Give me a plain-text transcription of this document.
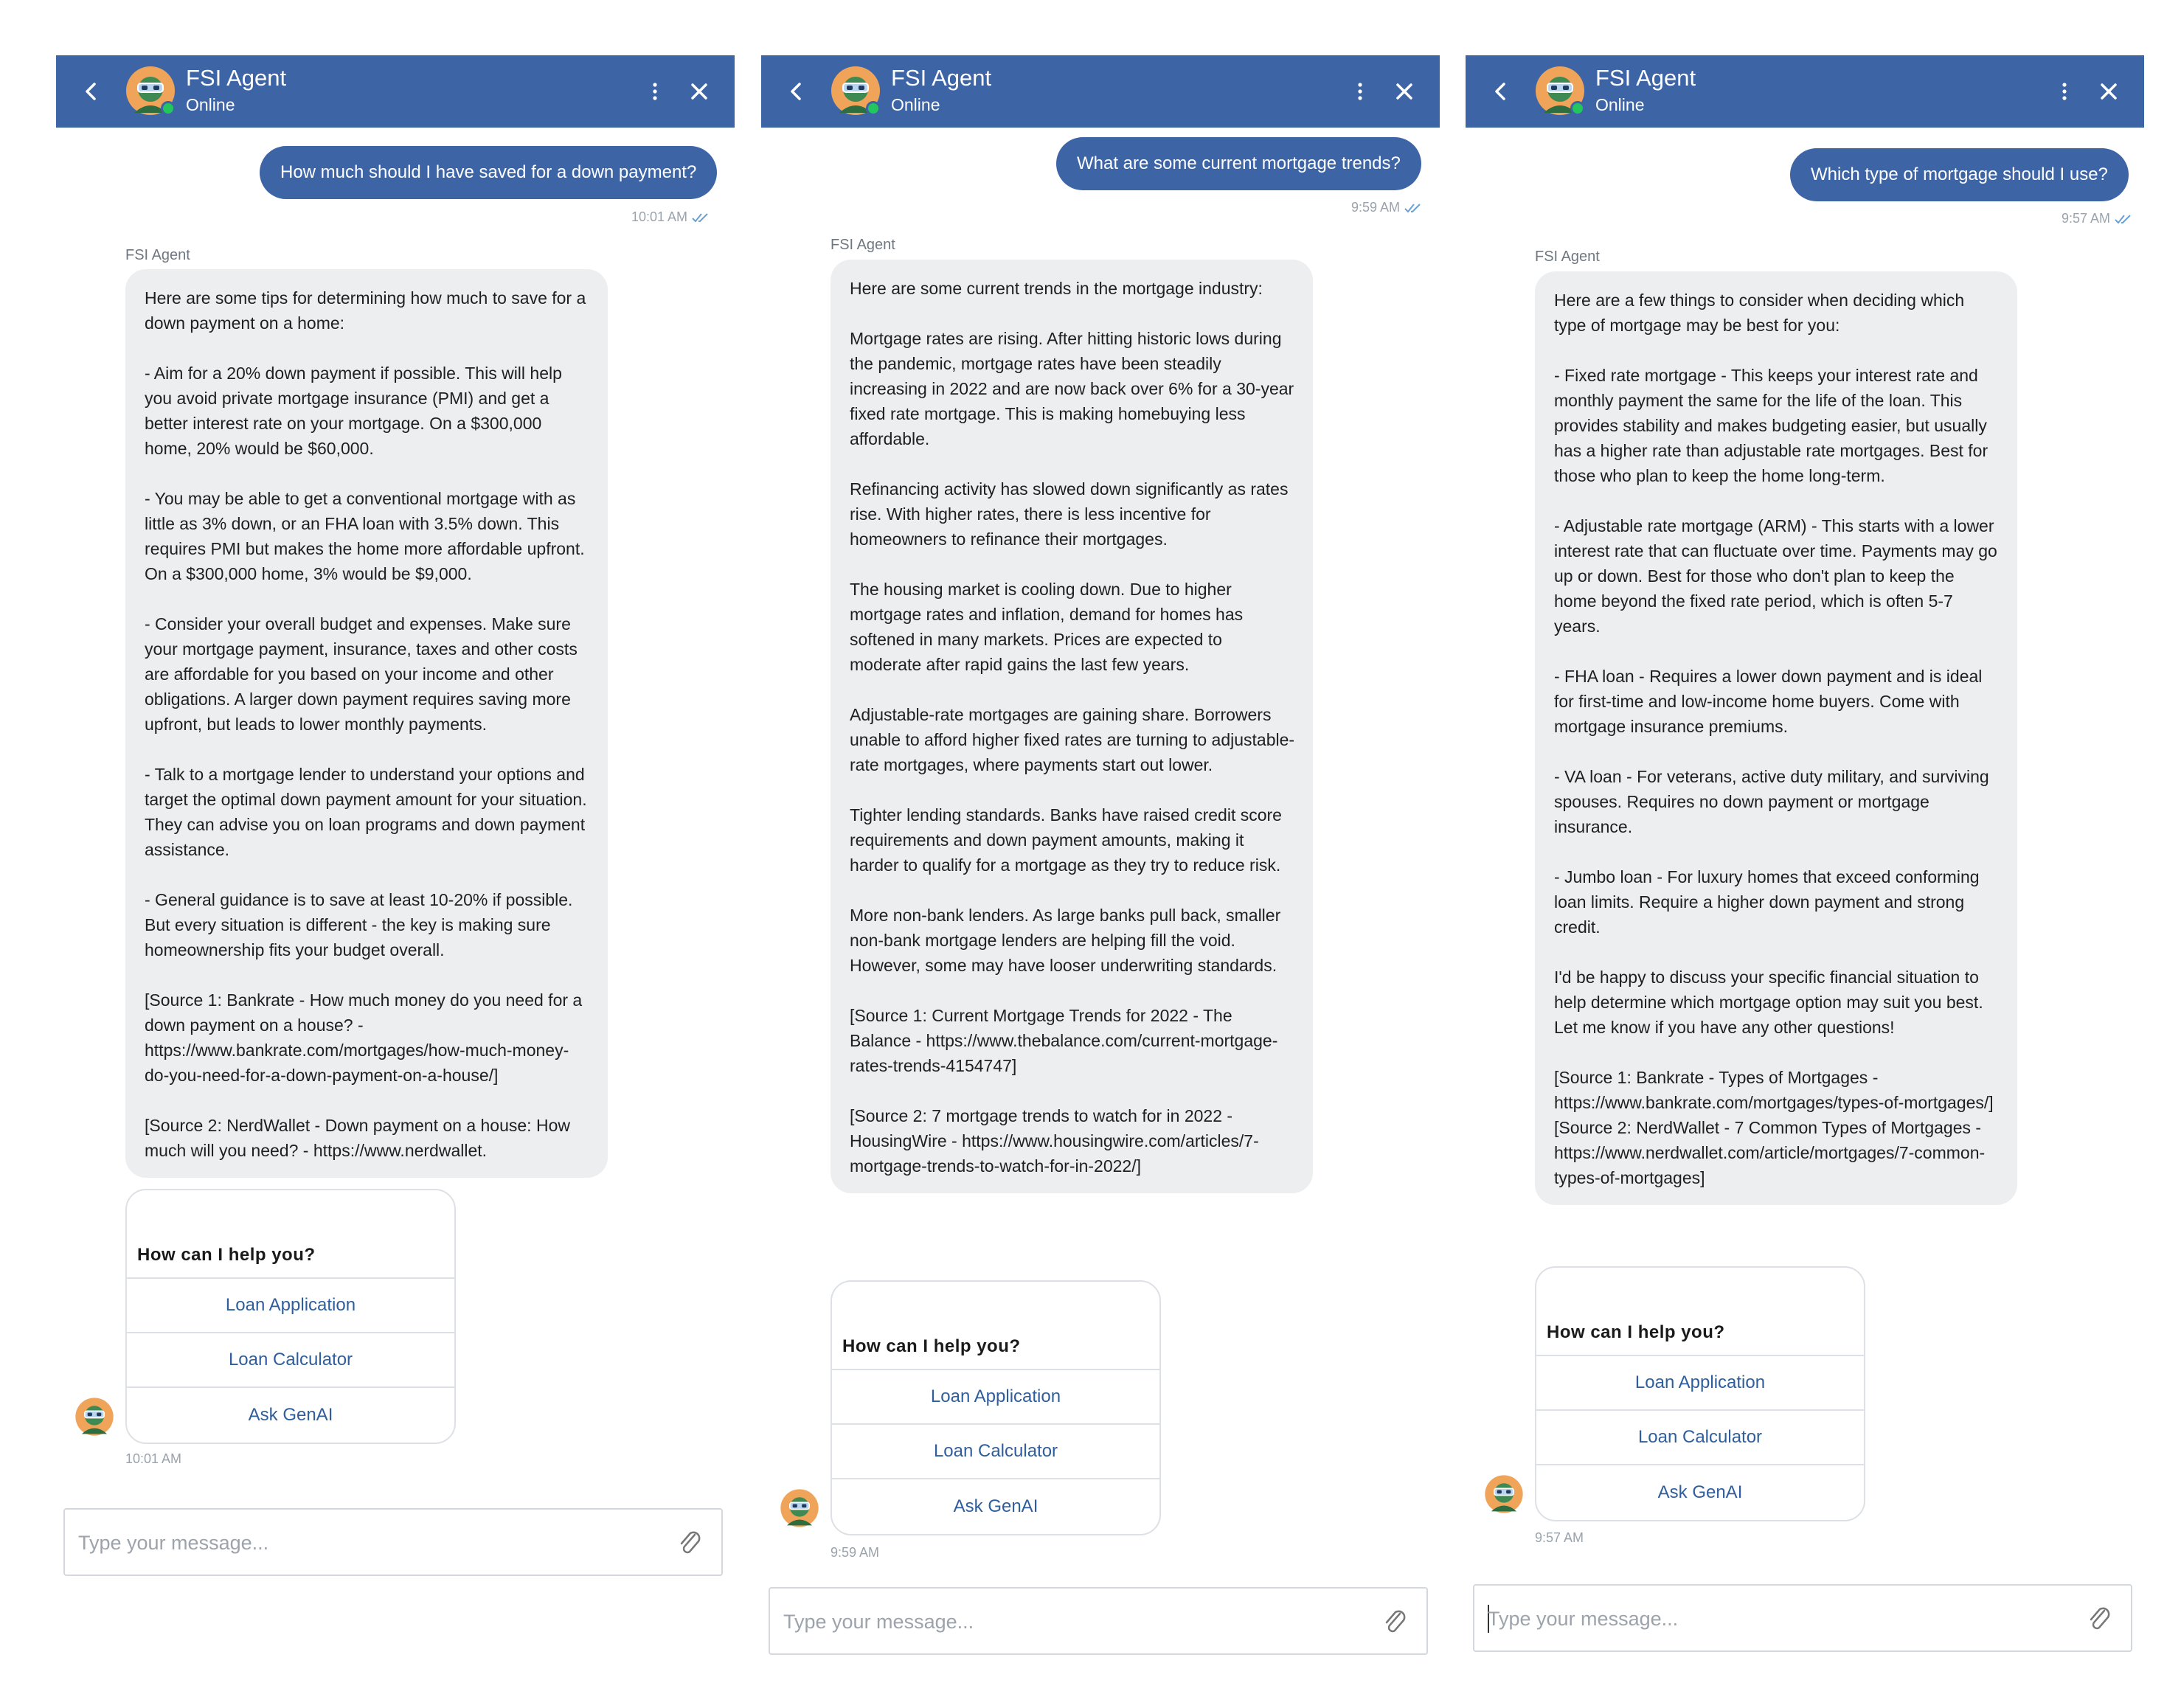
FSI Agent
Online
How much should I have saved for a down payment?
10:01 AM
FSI Agent

Here are some tips for determining how much to save for a down payment on a home:

- Aim for a 20% down payment if possible. This will help you avoid private mortgage insurance (PMI) and get a better interest rate on your mortgage. On a $300,000 home, 20% would be $60,000.

- You may be able to get a conventional mortgage with as little as 3% down, or an FHA loan with 3.5% down. This requires PMI but makes the home more affordable upfront. On a $300,000 home, 3% would be $9,000.

- Consider your overall budget and expenses. Make sure your mortgage payment, insurance, taxes and other costs are affordable for you based on your income and other obligations. A larger down payment requires saving more upfront, but leads to lower monthly payments.

- Talk to a mortgage lender to understand your options and target the optimal down payment amount for your situation. They can advise you on loan programs and down payment assistance.

- General guidance is to save at least 10-20% if possible. But every situation is different - the key is making sure homeownership fits your budget overall.

[Source 1: Bankrate - How much money do you need for a down payment on a house? - https://www.bankrate.com/mortgages/how-much-money-do-you-need-for-a-down-payment-on-a-house/]

[Source 2: NerdWallet - Down payment on a house: How much will you need? - https://www.nerdwallet.

How can I help you?
Loan Application
Loan Calculator
Ask GenAI
10:01 AM
Type your message...
FSI Agent
Online
What are some current mortgage trends?
9:59 AM
FSI Agent

Here are some current trends in the mortgage industry:

Mortgage rates are rising. After hitting historic lows during the pandemic, mortgage rates have been steadily increasing in 2022 and are now back over 6% for a 30-year fixed rate mortgage. This is making homebuying less affordable.

Refinancing activity has slowed down significantly as rates rise. With higher rates, there is less incentive for homeowners to refinance their mortgages.

The housing market is cooling down. Due to higher mortgage rates and inflation, demand for homes has softened in many markets. Prices are expected to moderate after rapid gains the last few years.

Adjustable-rate mortgages are gaining share. Borrowers unable to afford higher fixed rates are turning to adjustable-rate mortgages, where payments start out lower.

Tighter lending standards. Banks have raised credit score requirements and down payment amounts, making it harder to qualify for a mortgage as they try to reduce risk.

More non-bank lenders. As large banks pull back, smaller non-bank mortgage lenders are helping fill the void. However, some may have looser underwriting standards.

[Source 1: Current Mortgage Trends for 2022 - The Balance - https://www.thebalance.com/current-mortgage-rates-trends-4154747]

[Source 2: 7 mortgage trends to watch for in 2022 - HousingWire - https://www.housingwire.com/articles/7-mortgage-trends-to-watch-for-in-2022/]

How can I help you?
Loan Application
Loan Calculator
Ask GenAI
9:59 AM
Type your message...
FSI Agent
Online
Which type of mortgage should I use?
9:57 AM
FSI Agent

Here are a few things to consider when deciding which type of mortgage may be best for you:

- Fixed rate mortgage - This keeps your interest rate and monthly payment the same for the life of the loan. This provides stability and makes budgeting easier, but usually has a higher rate than adjustable rate mortgages. Best for those who plan to keep the home long-term.

- Adjustable rate mortgage (ARM) - This starts with a lower interest rate that can fluctuate over time. Payments may go up or down. Best for those who don't plan to keep the home beyond the fixed rate period, which is often 5-7 years.

- FHA loan - Requires a lower down payment and is ideal for first-time and low-income home buyers. Come with mortgage insurance premiums.

- VA loan - For veterans, active duty military, and surviving spouses. Requires no down payment or mortgage insurance.

- Jumbo loan - For luxury homes that exceed conforming loan limits. Require a higher down payment and strong credit.

I'd be happy to discuss your specific financial situation to help determine which mortgage option may suit you best. Let me know if you have any other questions!

[Source 1: Bankrate - Types of Mortgages - https://www.bankrate.com/mortgages/types-of-mortgages/]

[Source 2: NerdWallet - 7 Common Types of Mortgages - https://www.nerdwallet.com/article/mortgages/7-common-types-of-mortgages]

How can I help you?
Loan Application
Loan Calculator
Ask GenAI
9:57 AM
Type your message...
